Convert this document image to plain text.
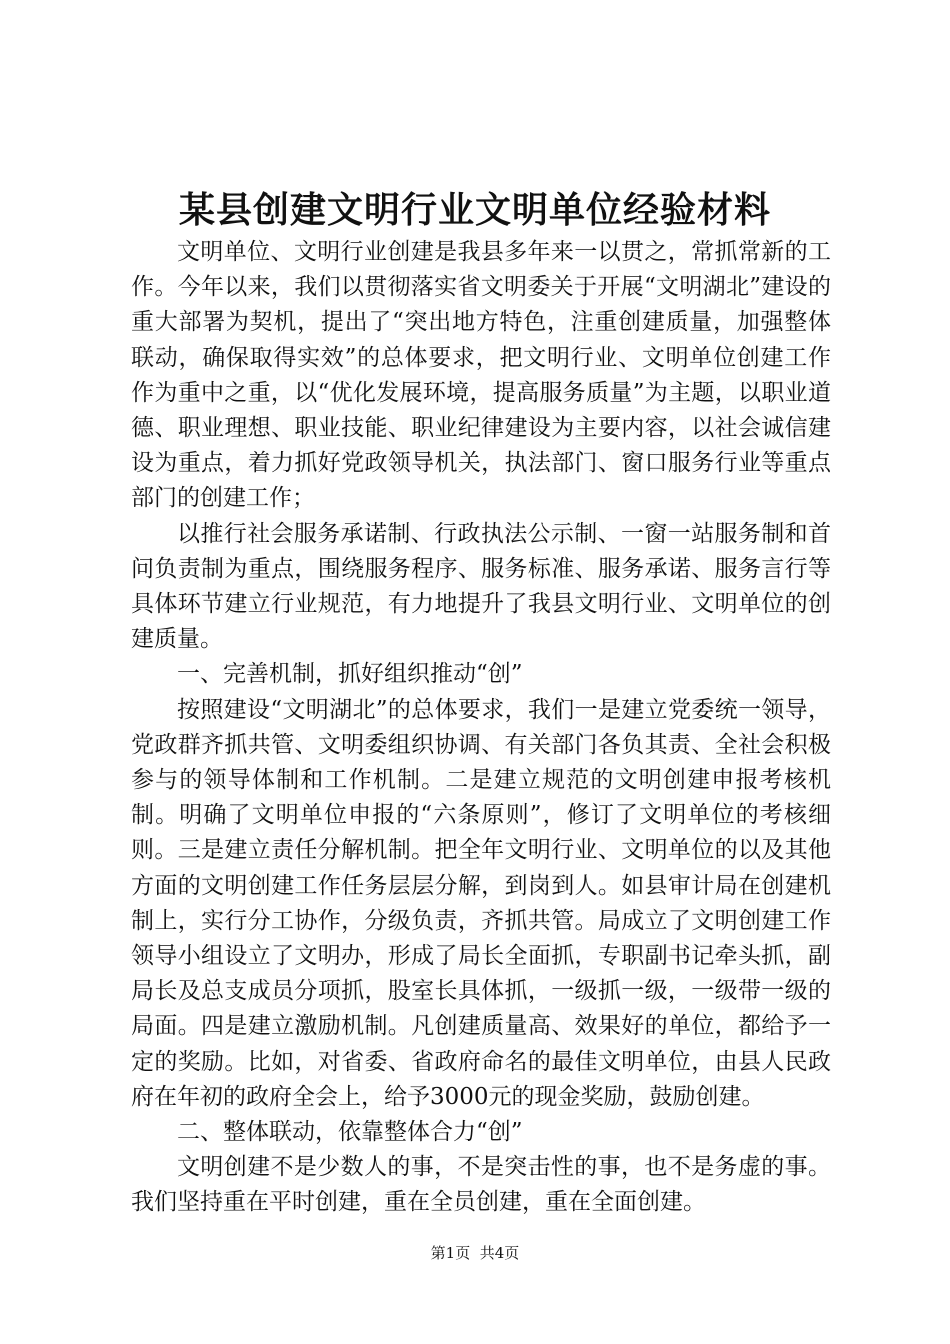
某县创建文明行业文明单位经验材料

文明单位、文明行业创建是我县多年来一以贯之，常抓常新的工作。今年以来，我们以贯彻落实省文明委关于开展“文明湖北”建设的重大部署为契机，提出了“突出地方特色，注重创建质量，加强整体联动，确保取得实效”的总体要求，把文明行业、文明单位创建工作作为重中之重，以“优化发展环境，提高服务质量”为主题，以职业道德、职业理想、职业技能、职业纪律建设为主要内容，以社会诚信建设为重点，着力抓好党政领导机关，执法部门、窗口服务行业等重点部门的创建工作；

以推行社会服务承诺制、行政执法公示制、一窗一站服务制和首问负责制为重点，围绕服务程序、服务标准、服务承诺、服务言行等具体环节建立行业规范，有力地提升了我县文明行业、文明单位的创建质量。

一、完善机制，抓好组织推动“创”

按照建设“文明湖北”的总体要求，我们一是建立党委统一领导，党政群齐抓共管、文明委组织协调、有关部门各负其责、全社会积极参与的领导体制和工作机制。二是建立规范的文明创建申报考核机制。明确了文明单位申报的“六条原则”，修订了文明单位的考核细则。三是建立责任分解机制。把全年文明行业、文明单位的以及其他方面的文明创建工作任务层层分解，到岗到人。如县审计局在创建机制上，实行分工协作，分级负责，齐抓共管。局成立了文明创建工作领导小组设立了文明办，形成了局长全面抓，专职副书记牵头抓，副局长及总支成员分项抓，股室长具体抓，一级抓一级，一级带一级的局面。四是建立激励机制。凡创建质量高、效果好的单位，都给予一定的奖励。比如，对省委、省政府命名的最佳文明单位，由县人民政府在年初的政府全会上，给予3000元的现金奖励，鼓励创建。

二、整体联动，依靠整体合力“创”

文明创建不是少数人的事，不是突击性的事，也不是务虚的事。我们坚持重在平时创建，重在全员创建，重在全面创建。

第1页 共4页
